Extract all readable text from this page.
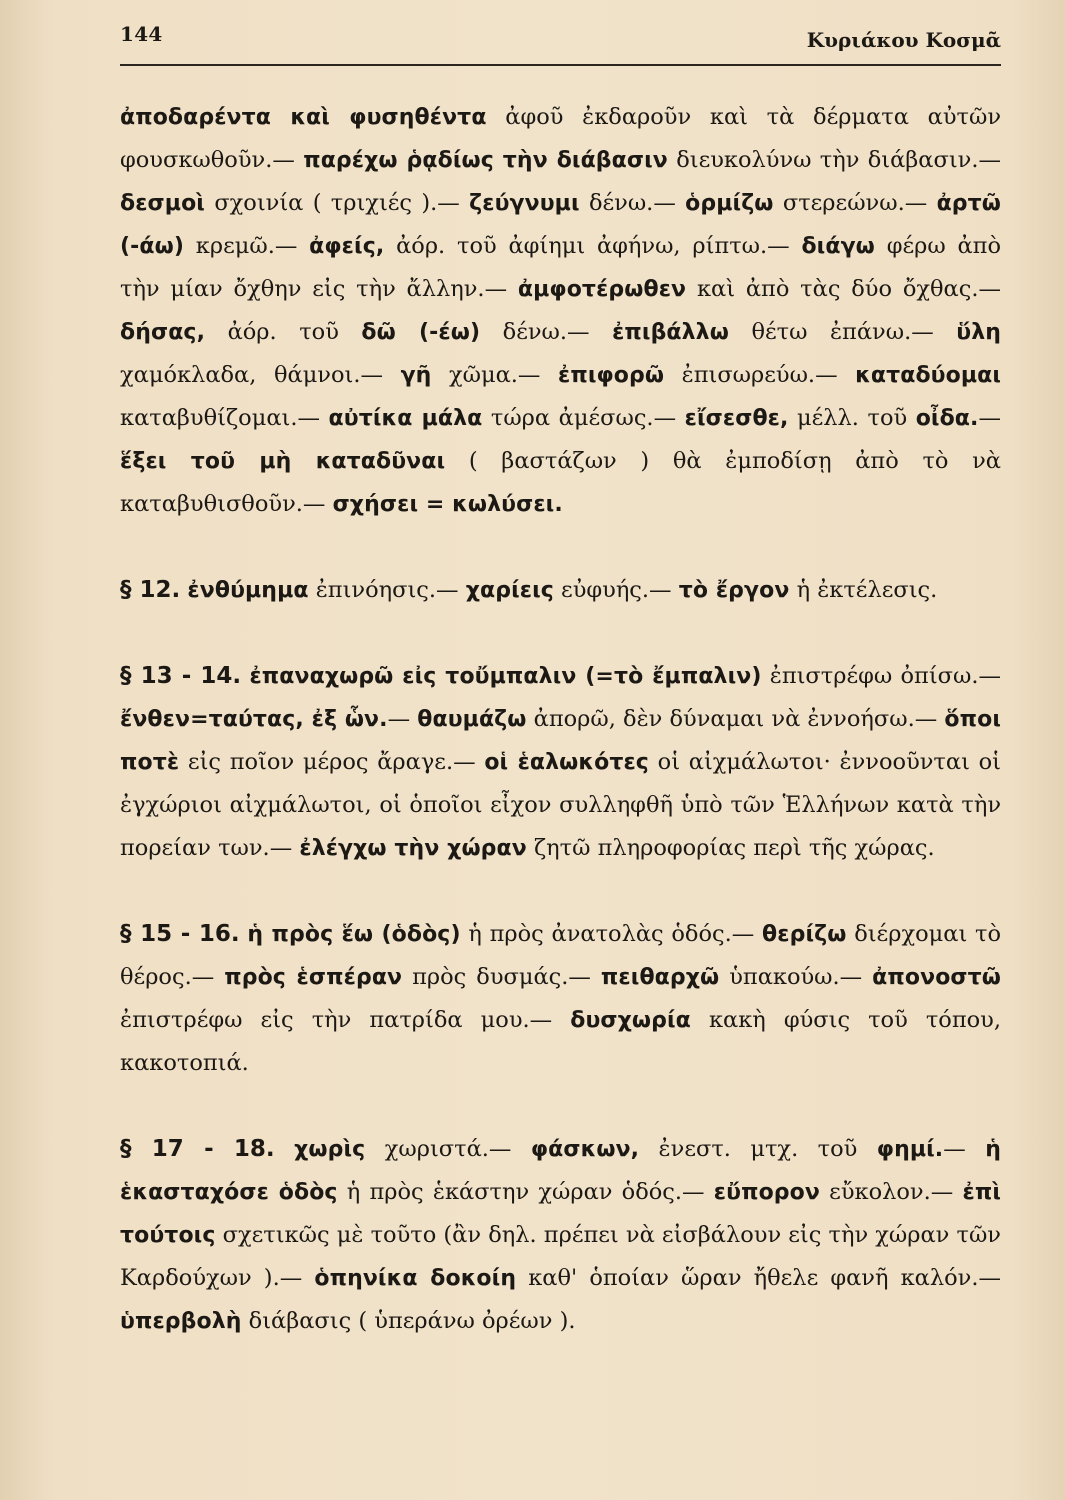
144	Κυριάκου Κοσμᾶ

ἀποδαρέντα καὶ φυσηθέντα ἀφοῦ ἐκδαροῦν καὶ τὰ δέρματα αὐτῶν φουσκωθοῦν.— παρέχω ῥᾳδίως τὴν διάβασιν διευκολύνω τὴν διάβασιν.— δεσμοὶ σχοινία ( τριχιές ).— ζεύγνυμι δένω.— ὁρμίζω στερεώνω.— ἀρτῶ (-άω) κρεμῶ.— ἀφείς, ἀόρ. τοῦ ἀφίημι ἀφήνω, ρίπτω.— διάγω φέρω ἀπὸ τὴν μίαν ὄχθην εἰς τὴν ἄλλην.— ἀμφοτέρωθεν καὶ ἀπὸ τὰς δύο ὄχθας.— δήσας, ἀόρ. τοῦ δῶ (-έω) δένω.— ἐπιβάλλω θέτω ἐπάνω.— ὕλη χαμόκλαδα, θάμνοι.— γῆ χῶμα.— ἐπιφορῶ ἐπισωρεύω.— καταδύομαι καταβυθίζομαι.— αὐτίκα μάλα τώρα ἀμέσως.— εἴσεσθε, μέλλ. τοῦ οἶδα.— ἕξει τοῦ μὴ καταδῦναι ( βαστάζων ) θὰ ἐμποδίσῃ ἀπὸ τὸ νὰ καταβυθισθοῦν.— σχήσει = κωλύσει.

§ 12. ἐνθύμημα ἐπινόησις.— χαρίεις εὐφυής.— τὸ ἔργον ἡ ἐκτέλεσις.

§ 13 - 14. ἐπαναχωρῶ εἰς τοὔμπαλιν (=τὸ ἔμπαλιν) ἐπιστρέφω ὀπίσω.— ἔνθεν=ταύτας, ἐξ ὧν.— θαυμάζω ἀπορῶ, δὲν δύναμαι νὰ ἐννοήσω.— ὅποι ποτὲ εἰς ποῖον μέρος ἄραγε.— οἱ ἑαλωκότες οἱ αἰχμάλωτοι· ἐννοοῦνται οἱ ἐγχώριοι αἰχμάλωτοι, οἱ ὁποῖοι εἶχον συλληφθῆ ὑπὸ τῶν Ἑλλήνων κατὰ τὴν πορείαν των.— ἐλέγχω τὴν χώραν ζητῶ πληροφορίας περὶ τῆς χώρας.

§ 15 - 16. ἡ πρὸς ἕω (ὁδὸς) ἡ πρὸς ἀνατολὰς ὁδός.— θερίζω διέρχομαι τὸ θέρος.— πρὸς ἑσπέραν πρὸς δυσμάς.— πειθαρχῶ ὑπακούω.— ἀπονοστῶ ἐπιστρέφω εἰς τὴν πατρίδα μου.— δυσχωρία κακὴ φύσις τοῦ τόπου, κακοτοπιά.

§ 17 - 18. χωρὶς χωριστά.— φάσκων, ἐνεστ. μτχ. τοῦ φημί.— ἡ ἑκασταχόσε ὁδὸς ἡ πρὸς ἑκάστην χώραν ὁδός.— εὔπορον εὔκολον.— ἐπὶ τούτοις σχετικῶς μὲ τοῦτο (ἂν δηλ. πρέπει νὰ εἰσβάλουν εἰς τὴν χώραν τῶν Καρδούχων ).— ὁπηνίκα δοκοίη καθ' ὁποίαν ὥραν ἤθελε φανῆ καλόν.— ὑπερβολὴ διάβασις ( ὑπεράνω ὀρέων ).
